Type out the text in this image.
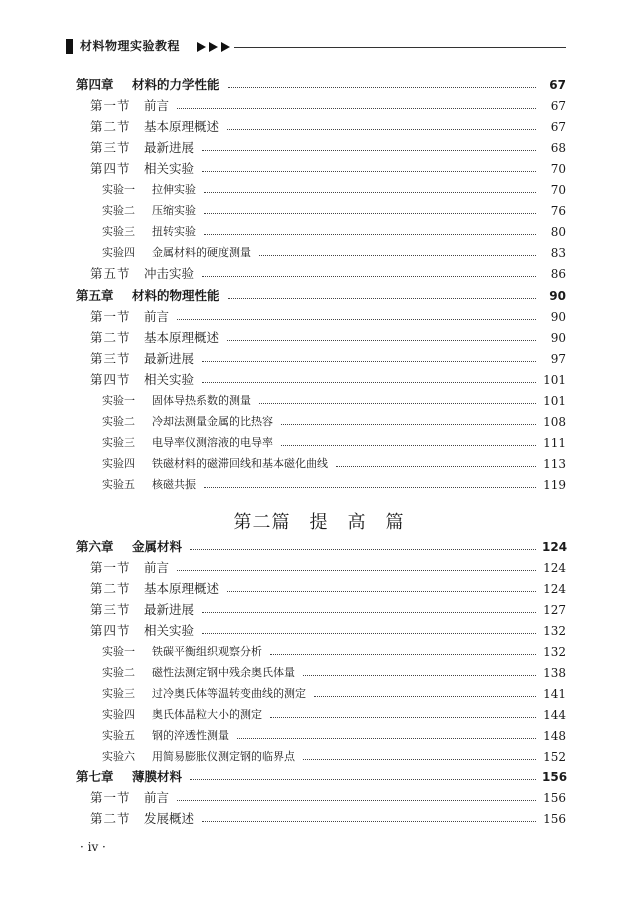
材料物理实验教程
第四章	材料的力学性能	67
第一节	前言	67
第二节	基本原理概述	67
第三节	最新进展	68
第四节	相关实验	70
实验一	拉伸实验	70
实验二	压缩实验	76
实验三	扭转实验	80
实验四	金属材料的硬度测量	83
第五节	冲击实验	86
第五章	材料的物理性能	90
第一节	前言	90
第二节	基本原理概述	90
第三节	最新进展	97
第四节	相关实验	101
实验一	固体导热系数的测量	101
实验二	冷却法测量金属的比热容	108
实验三	电导率仪测溶液的电导率	111
实验四	铁磁材料的磁滞回线和基本磁化曲线	113
实验五	核磁共振	119
第二篇　提　高　篇
第六章	金属材料	124
第一节	前言	124
第二节	基本原理概述	124
第三节	最新进展	127
第四节	相关实验	132
实验一	铁碳平衡组织观察分析	132
实验二	磁性法测定钢中残余奥氏体量	138
实验三	过冷奥氏体等温转变曲线的测定	141
实验四	奥氏体晶粒大小的测定	144
实验五	钢的淬透性测量	148
实验六	用简易膨胀仪测定钢的临界点	152
第七章	薄膜材料	156
第一节	前言	156
第二节	发展概述	156
· iv ·
